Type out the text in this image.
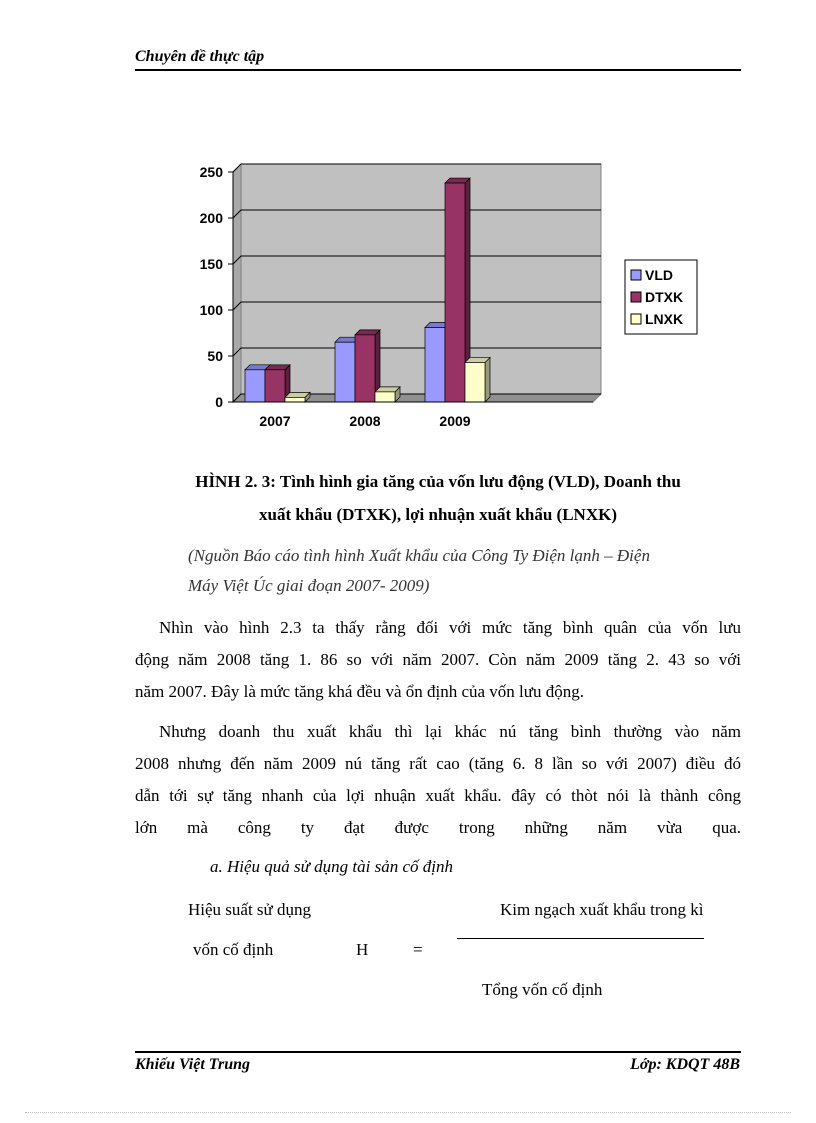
Chuyên đề thực tập
0
50
100
150
200
250
2007	2008	2009
VLD
DTXK
LNXK
HÌNH 2. 3: Tình hình gia tăng của vốn lưu động (VLD), Doanh thu
xuất khẩu (DTXK), lợi nhuận xuất khẩu (LNXK)
(Nguồn Báo cáo tình hình Xuất khẩu của Công Ty Điện lạnh – Điện
Máy Việt Úc giai đoạn 2007- 2009)
Nhìn vào hình 2.3 ta thấy rằng đối với mức tăng bình quân của vốn lưu
động năm 2008 tăng 1. 86 so với năm 2007. Còn năm 2009 tăng 2. 43 so với
năm 2007. Đây là mức tăng khá đều và ổn định của vốn lưu động.
Nhưng doanh thu xuất khẩu thì lại khác nú tăng bình thường vào năm
2008 nhưng đến năm 2009 nú tăng rất cao (tăng 6. 8 lần so với 2007) điều đó
dẫn tới sự tăng nhanh của lợi nhuận xuất khẩu. đây có thòt nói là thành công
lớn mà công ty đạt được trong những năm vừa qua.
a. Hiệu quả sử dụng tài sản cố định
Hiệu suất sử dụng
vốn cố định	H	=
Kim ngạch xuất khẩu trong kì
Tổng vốn cố định
Khiếu Việt Trung	Lớp: KDQT 48B
